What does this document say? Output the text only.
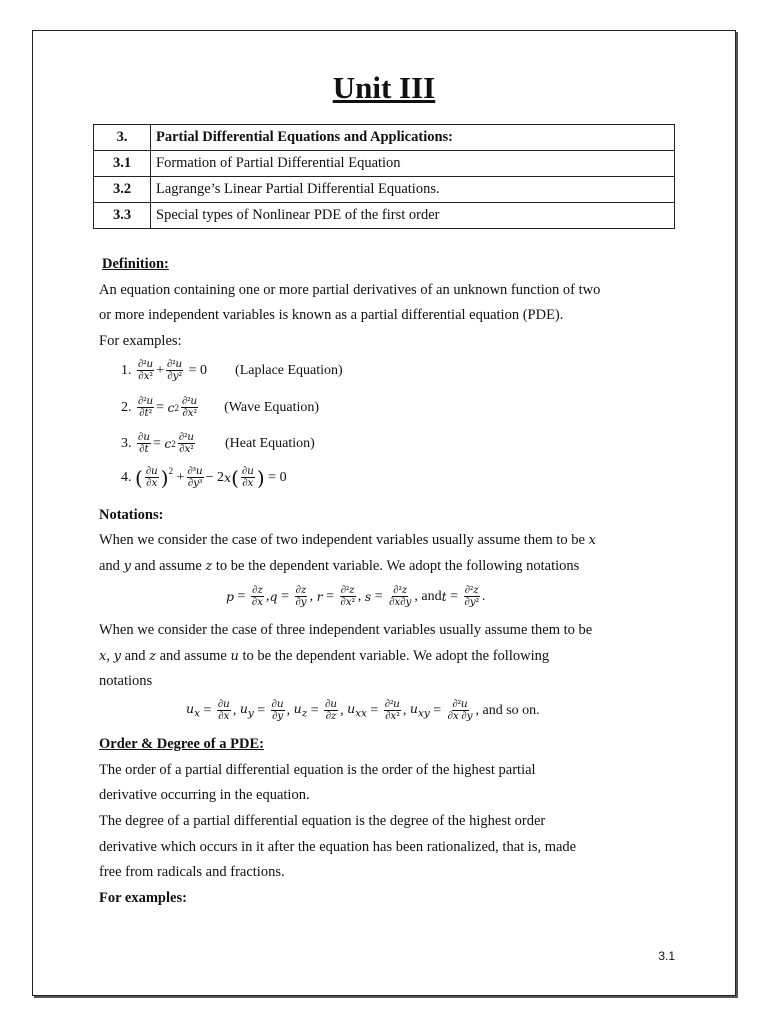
Unit III
3.	Partial Differential Equations and Applications:
3.1	Formation of Partial Differential Equation
3.2	Lagrange’s Linear Partial Differential Equations.
3.3	Special types of Nonlinear PDE of the first order
Definition:
An equation containing one or more partial derivatives of an unknown function of two
or more independent variables is known as a partial differential equation (PDE).
For examples:
1.
∂²u
∂x² + ∂²u
∂y² = 0 (Laplace Equation)
2.
∂²u
∂t² = c 2
∂²u
∂x² (Wave Equation)
3.
∂u
∂t = c 2
∂²u
∂x² (Heat Equation)
4.
( ∂u
∂x )$^2$ + ∂³u
∂y³ − 2 x ( ∂u
∂x ) = 0
Notations:
When we consider the case of two independent variables usually assume them to be x
and y and assume z to be the dependent variable. We adopt the following notations
p = ∂z
∂x , q = ∂z
∂y , r = ∂²z
∂x² , s = ∂²z
∂x∂y , and t = ∂²z
∂y² .
When we consider the case of three independent variables usually assume them to be
x, y and z and assume u to be the dependent variable. We adopt the following
notations
$u_x = \partial u$
∂x , $u_y = \partial u$
∂y , $u_z = \partial u$
∂z , $u_{xx} = \partial^2u$
∂x² , $u_{xy} = \partial^2u$
∂x ∂y , and so on.
Order & Degree of a PDE:
The order of a partial differential equation is the order of the highest partial
derivative occurring in the equation.
The degree of a partial differential equation is the degree of the highest order
derivative which occurs in it after the equation has been rationalized, that is, made
free from radicals and fractions.
For examples:
3.1
